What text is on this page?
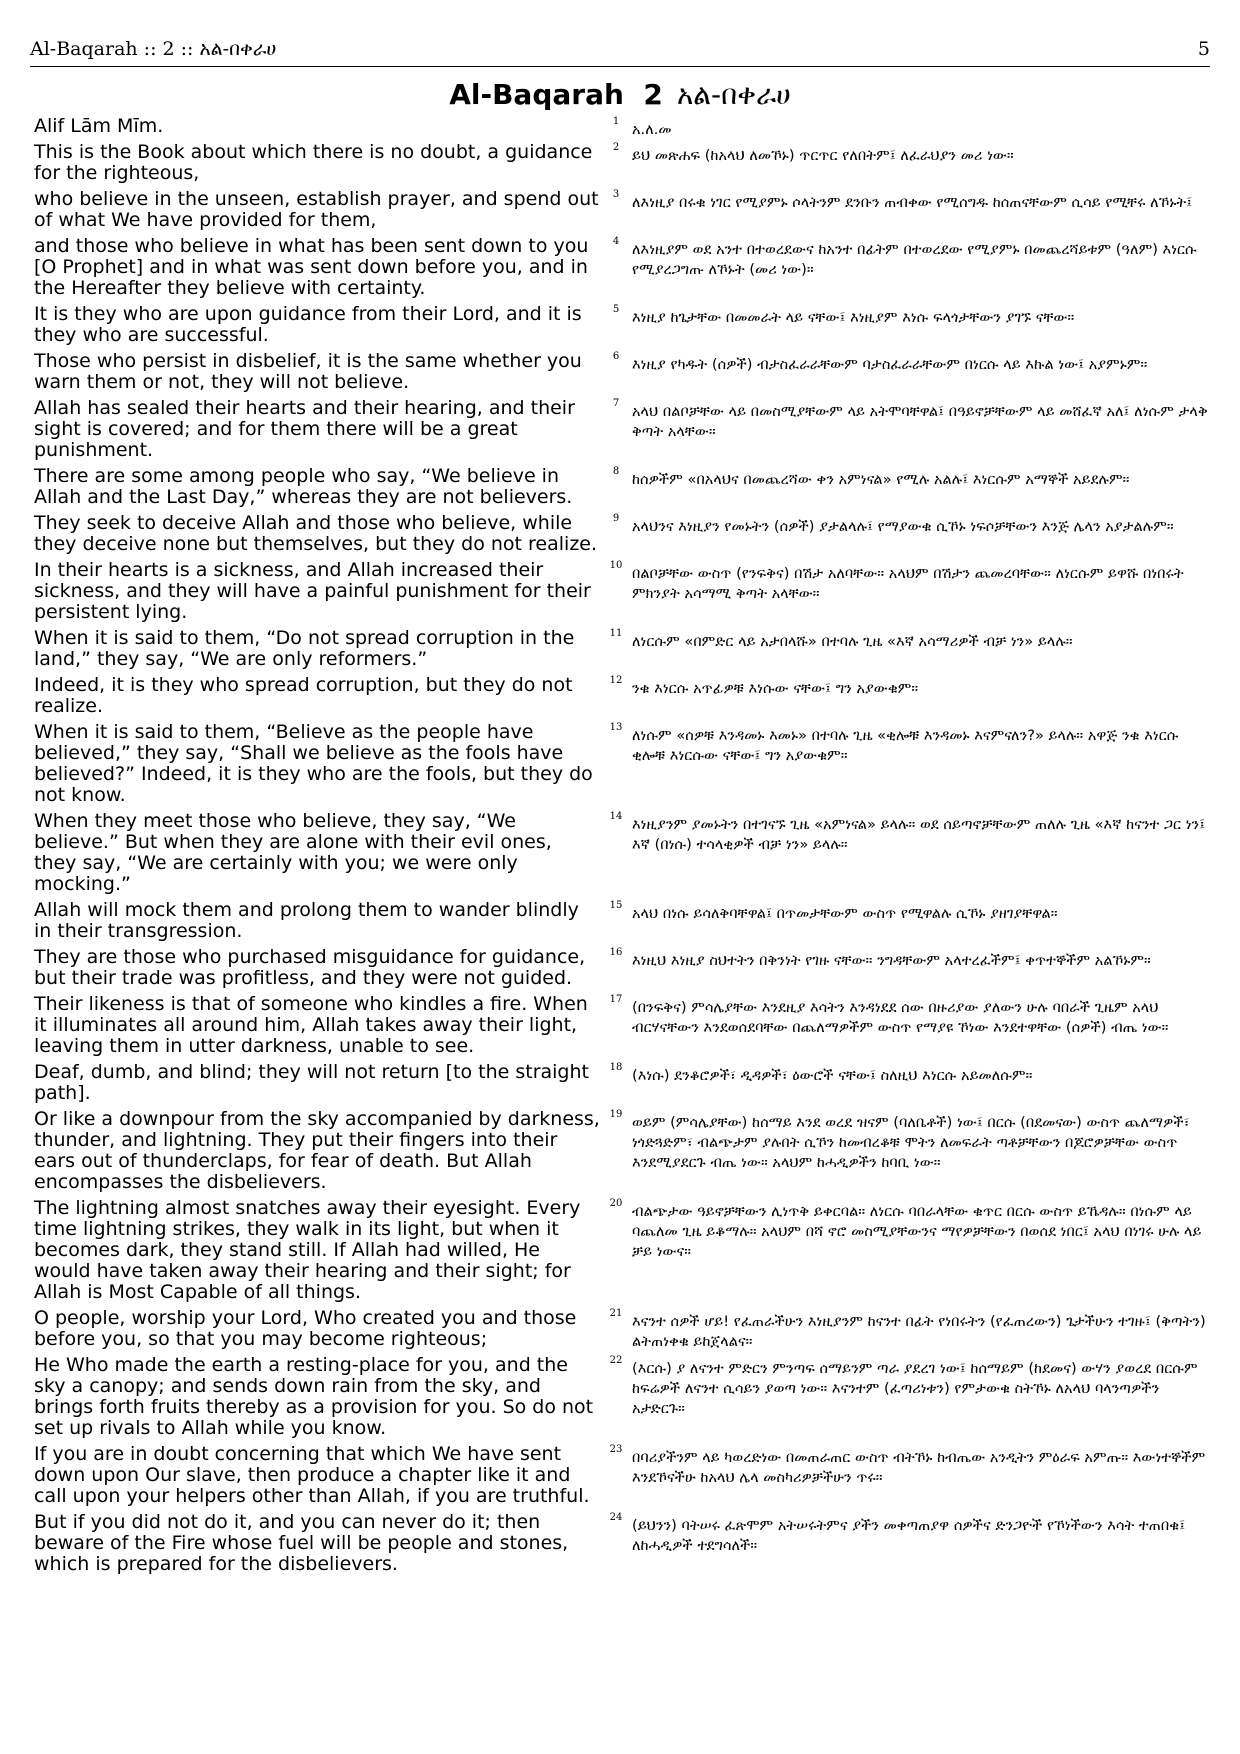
Al-Baqarah :: 2 :: አል-በቀራሀ	5
Al-Baqarah  2 አል-በቀራሀ
Alif Lām Mīm.	1 አ.ለ.መ
This is the Book about which there is no doubt, a guidance for the righteous,
2 ይህ መጽሐፍ (ከአላህ ለመኾኑ) ጥርጥር የለበትም፤ ለፈራህያን መሪ ነው።
who believe in the unseen, establish prayer, and spend out of what We have provided for them,
3 ለእነዚያ በሩቁ ነገር የሚያምኑ ሶላትንም ደንቡን ጠብቀው የሚሰግዱ ከሰጠናቸውም ሲሳይ የሚቸሩ ለኾኑት፤
and those who believe in what has been sent down to you [O Prophet] and in what was sent down before you, and in the Hereafter they believe with certainty.
4 ለእነዚያም ወደ አንተ በተወረደውና ከአንተ በፊትም በተወረደው የሚያምኑ በመጨረሻይቱም (ዓለም) እነርሱ የሚያረጋግጡ ለኾኑት (መሪ ነው)።
It is they who are upon guidance from their Lord, and it is they who are successful.
5 እነዚያ ከጌታቸው በመመራት ላይ ናቸው፤ እነዚያም እነሱ ፍላጎታቸውን ያገኙ ናቸው።
Those who persist in disbelief, it is the same whether you warn them or not, they will not believe.
6 እነዚያ የካዱት (ሰዎች) ብታስፈራራቸውም ባታስፈራራቸውም በነርሱ ላይ እኩል ነው፤ አያምኑም።
Allah has sealed their hearts and their hearing, and their sight is covered; and for them there will be a great punishment.
7 አላህ በልቦቻቸው ላይ በመስሚያቸውም ላይ አትሞባቸዋል፤ በዓይኖቻቸውም ላይ መሸፈኛ አለ፤ ለነሱም ታላቅ ቅጣት አላቸው።
There are some among people who say, “We believe in Allah and the Last Day,” whereas they are not believers.
8 ከሰዎችም «በአላህና በመጨረሻው ቀን አምነናል» የሚሉ አልሉ፤ እነርሱም አማኞች አይደሉም።
They seek to deceive Allah and those who believe, while they deceive none but themselves, but they do not realize.
9 አላህንና እነዚያን የመኑትን (ሰዎች) ያታልላሉ፤ የማያውቁ ሲኾኑ ነፍሶቻቸውን እንጅ ሌላን አያታልሉም።
In their hearts is a sickness, and Allah increased their sickness, and they will have a painful punishment for their persistent lying.
10 በልቦቻቸው ውስጥ (የንፍቅና) በሽታ አለባቸው። አላህም በሽታን ጨመረባቸው። ለነርሱም ይዋሹ በነበሩት ምክንያት አሳማሚ ቅጣት አላቸው።
When it is said to them, “Do not spread corruption in the land,” they say, “We are only reformers.”
11 ለነርሱም «በምድር ላይ አታበላሹ» በተባሉ ጊዜ «እኛ አሳማሪዎች ብቻ ነን» ይላሉ።
Indeed, it is they who spread corruption, but they do not realize.
12 ንቁ እነርሱ አጥፊዎቹ እነሱው ናቸው፤ ግን አያውቁም።
When it is said to them, “Believe as the people have believed,” they say, “Shall we believe as the fools have believed?” Indeed, it is they who are the fools, but they do not know.
13 ለነሱም «ሰዎቹ እንዳመኑ እመኑ» በተባሉ ጊዜ «ቂሎቹ እንዳመኑ እናምናለን?» ይላሉ። አዋጅ ንቁ እነርሱ ቂሎቹ እነርሱው ናቸው፤ ግን አያውቁም።
When they meet those who believe, they say, “We believe.” But when they are alone with their evil ones, they say, “We are certainly with you; we were only mocking.”
14 እነዚያንም ያመኑትን በተገናኙ ጊዜ «አምነናል» ይላሉ። ወደ ሰይጣኖቻቸውም ጠለሉ ጊዜ «እኛ ከናንተ ጋር ነን፤ እኛ (በነሱ) ተሳላቂዎች ብቻ ነን» ይላሉ።
Allah will mock them and prolong them to wander blindly in their transgression.
15 አላህ በነሱ ይሳለቅባቸዋል፤ በጥመታቸውም ውስጥ የሚዋልሉ ሲኾኑ ያዘገያቸዋል።
They are those who purchased misguidance for guidance, but their trade was profitless, and they were not guided.
16 እነዚህ እነዚያ ስህተትን በቅንነት የገዙ ናቸው። ንግዳቸውም አላተረፈችም፤ ቀጥተኞችም አልኾኑም።
Their likeness is that of someone who kindles a fire. When it illuminates all around him, Allah takes away their light, leaving them in utter darkness, unable to see.
17 (በንፍቅና) ምሳሌያቸው እንደዚያ እሳትን እንዳነደደ ሰው በዙሪያው ያለውን ሁሉ ባበራች ጊዜም አላህ ብርሃናቸውን እንደወሰደባቸው በጨለማዎችም ውስጥ የማያዩ ኾነው እንደተዋቸው (ሰዎች) ብጤ ነው።
Deaf, dumb, and blind; they will not return [to the straight path].
18 (እነሱ) ደንቆሮዎች፣ ዲዳዎች፣ ዕውሮች ናቸው፤ ስለዚህ እነርሱ አይመለሱም።
Or like a downpour from the sky accompanied by darkness, thunder, and lightning. They put their fingers into their ears out of thunderclaps, for fear of death. But Allah encompasses the disbelievers.
19 ወይም (ምሳሌያቸው) ከሰማይ እንደ ወረደ ዝናም (ባለቤቶች) ነው፤ በርሱ (በደመናው) ውስጥ ጨለማዎች፣ ነጎድጓድም፣ ብልጭታም ያሉበት ሲኾን ከመብረቆቹ ሞትን ለመፍራት ጣቶቻቸውን በጆሮዎቻቸው ውስጥ እንደሚያደርጉ ብጤ ነው። አላህም ከሓዲዎችን ከባቢ ነው።
The lightning almost snatches away their eyesight. Every time lightning strikes, they walk in its light, but when it becomes dark, they stand still. If Allah had willed, He would have taken away their hearing and their sight; for Allah is Most Capable of all things.
20 ብልጭታው ዓይኖቻቸውን ሊነጥቅ ይቀርባል። ለነርሱ ባበራላቸው ቁጥር በርሱ ውስጥ ይኼዳሉ። በነሱም ላይ ባጨለመ ጊዜ ይቆማሉ። አላህም በሻ ኖሮ መስሚያቸውንና ማየዎቻቸውን በወሰደ ነበር፤ አላህ በነገሩ ሁሉ ላይ ቻይ ነውና።
O people, worship your Lord, Who created you and those before you, so that you may become righteous;
21 እናንተ ሰዎች ሆይ! የፈጠራችሁን እነዚያንም ከናንተ በፊት የነበሩትን (የፈጠረውን) ጌታችሁን ተገዙ፤ (ቅጣትን) ልትጠነቀቁ ይከጀላልና።
He Who made the earth a resting-place for you, and the sky a canopy; and sends down rain from the sky, and brings forth fruits thereby as a provision for you. So do not set up rivals to Allah while you know.
22 (እርሱ) ያ ለናንተ ምድርን ምንጣፍ ሰማይንም ጣራ ያደረገ ነው፤ ከሰማይም (ከደመና) ውሃን ያወረደ በርሱም ከፍሬዎች ለናንተ ሲሳይን ያወጣ ነው። እናንተም (ፈጣሪነቱን) የምታውቁ ስትኾኑ ለአላህ ባላንጣዎችን አታድርጉ።
If you are in doubt concerning that which We have sent down upon Our slave, then produce a chapter like it and call upon your helpers other than Allah, if you are truthful.
23 በባሪያችንም ላይ ካወረድነው በመጠራጠር ውስጥ ብትኾኑ ከብጤው አንዲትን ምዕራፍ አምጡ። እውነተኞችም እንደኾናችሁ ከአላህ ሌላ መስካሪዎቻችሁን ጥሩ።
But if you did not do it, and you can never do it; then beware of the Fire whose fuel will be people and stones, which is prepared for the disbelievers.
24 (ይህንን) ባትሠሩ ፈጽሞም አትሠሩትምና ያችን መቀጣጠያዋ ሰዎችና ድንጋዮች የኾነችውን እሳት ተጠበቁ፤ ለከሓዲዎች ተደግሳለች።
